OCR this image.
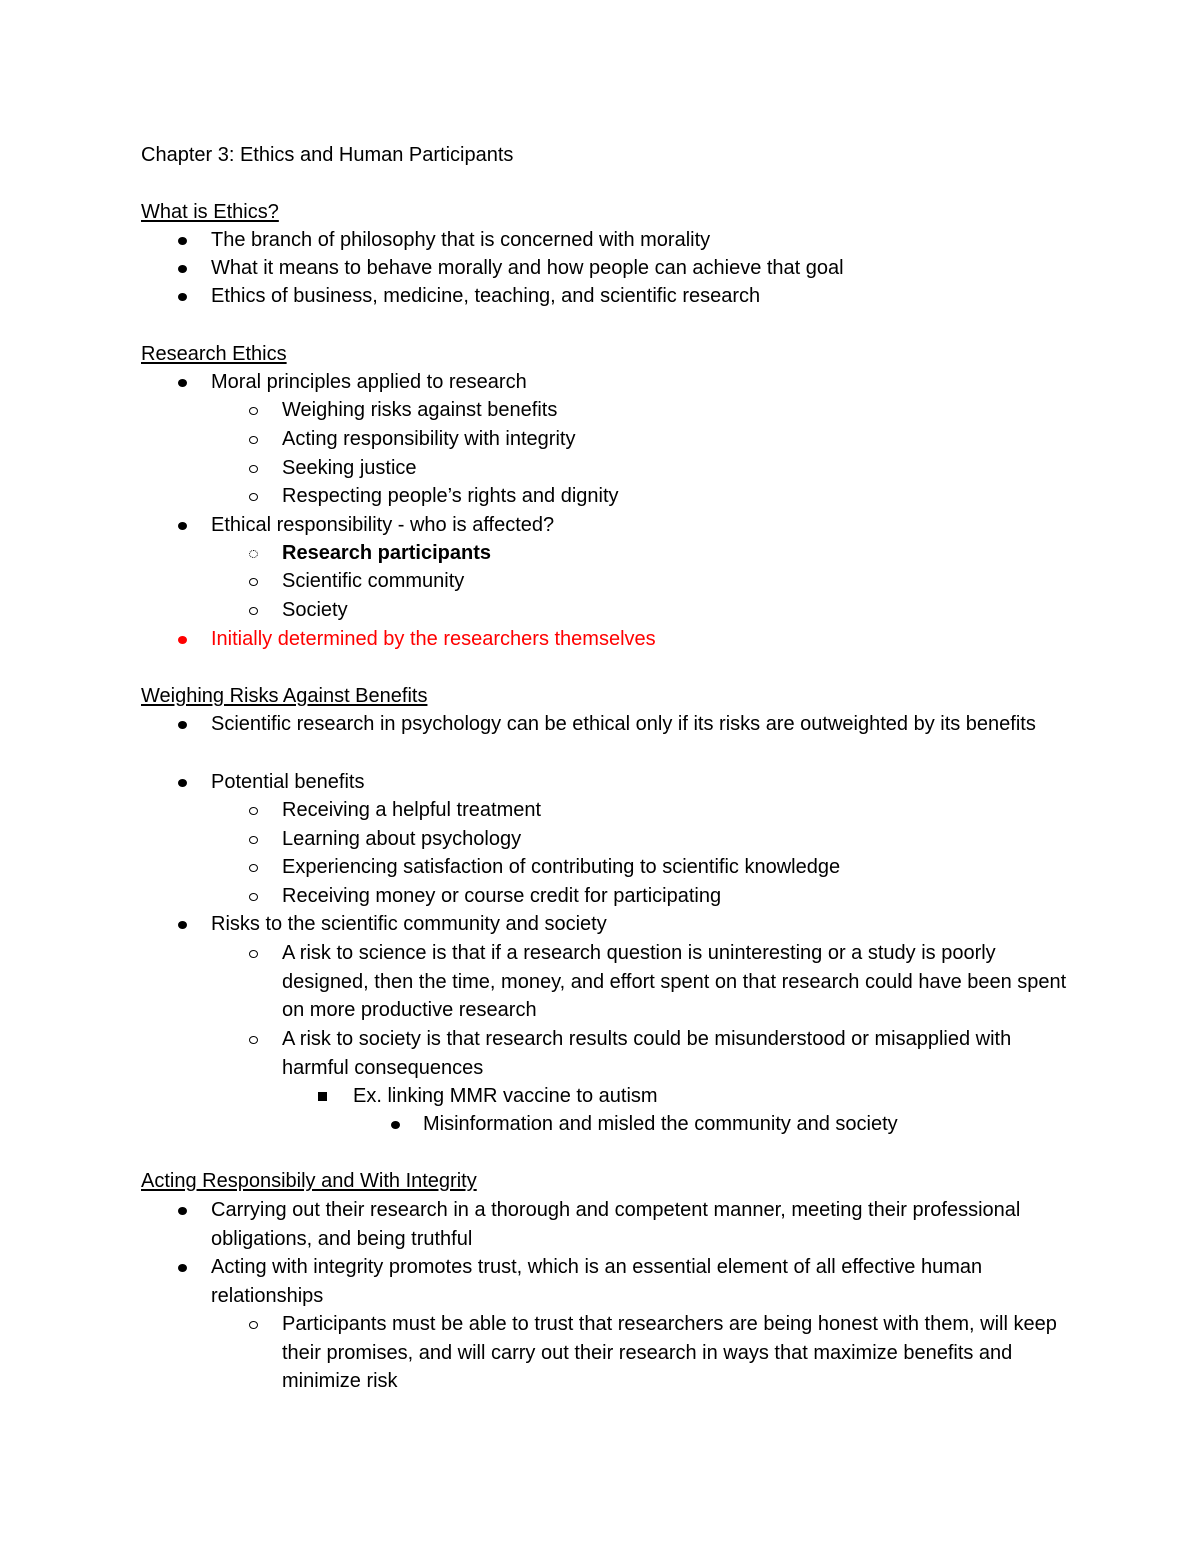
Chapter 3: Ethics and Human Participants
What is Ethics?
The branch of philosophy that is concerned with morality
What it means to behave morally and how people can achieve that goal
Ethics of business, medicine, teaching, and scientific research
Research Ethics
Moral principles applied to research
Weighing risks against benefits
Acting responsibility with integrity
Seeking justice
Respecting people’s rights and dignity
Ethical responsibility - who is affected?
Research participants
Scientific community
Society
Initially determined by the researchers themselves
Weighing Risks Against Benefits
Scientific research in psychology can be ethical only if its risks are outweighted by its benefits
Potential benefits
Receiving a helpful treatment
Learning about psychology
Experiencing satisfaction of contributing to scientific knowledge
Receiving money or course credit for participating
Risks to the scientific community and society
A risk to science is that if a research question is uninteresting or a study is poorly designed, then the time, money, and effort spent on that research could have been spent on more productive research
A risk to society is that research results could be misunderstood or misapplied with harmful consequences
Ex. linking MMR vaccine to autism
Misinformation and misled the community and society
Acting Responsibily and With Integrity
Carrying out their research in a thorough and competent manner, meeting their professional obligations, and being truthful
Acting with integrity promotes trust, which is an essential element of all effective human relationships
Participants must be able to trust that researchers are being honest with them, will keep their promises, and will carry out their research in ways that maximize benefits and minimize risk
